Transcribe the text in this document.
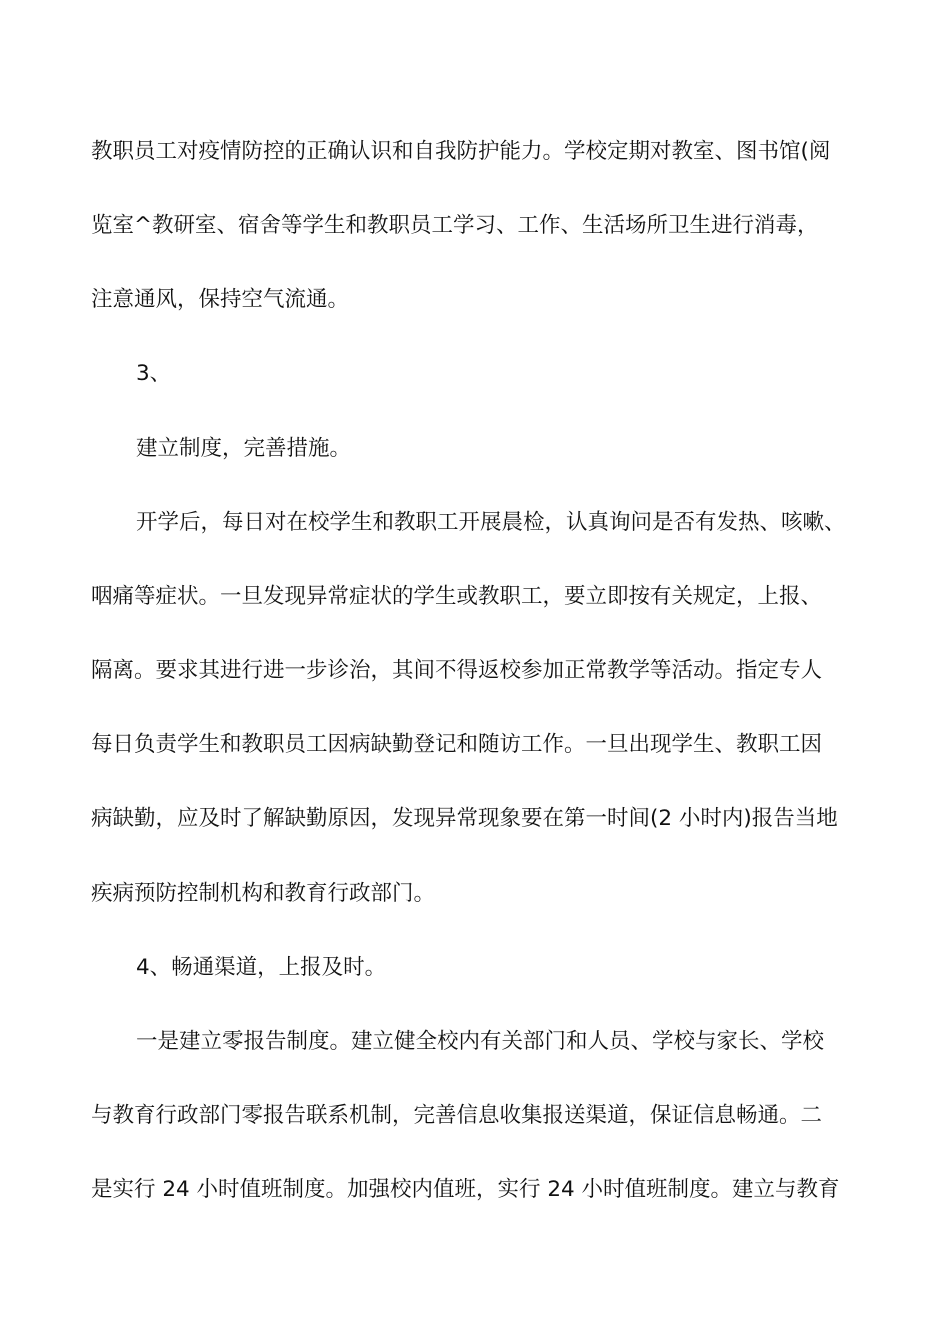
教职员工对疫情防控的正确认识和自我防护能力。学校定期对教室、图书馆(阅
览室^教研室、宿舍等学生和教职员工学习、工作、生活场所卫生进行消毒，
注意通风，保持空气流通。
3、
建立制度，完善措施。
开学后，每日对在校学生和教职工开展晨检，认真询问是否有发热、咳嗽、
咽痛等症状。一旦发现异常症状的学生或教职工，要立即按有关规定，上报、
隔离。要求其进行进一步诊治，其间不得返校参加正常教学等活动。指定专人
每日负责学生和教职员工因病缺勤登记和随访工作。一旦出现学生、教职工因
病缺勤，应及时了解缺勤原因，发现异常现象要在第一时间(2 小时内)报告当地
疾病预防控制机构和教育行政部门。
4、畅通渠道，上报及时。
一是建立零报告制度。建立健全校内有关部门和人员、学校与家长、学校
与教育行政部门零报告联系机制，完善信息收集报送渠道，保证信息畅通。二
是实行 24 小时值班制度。加强校内值班，实行 24 小时值班制度。建立与教育
